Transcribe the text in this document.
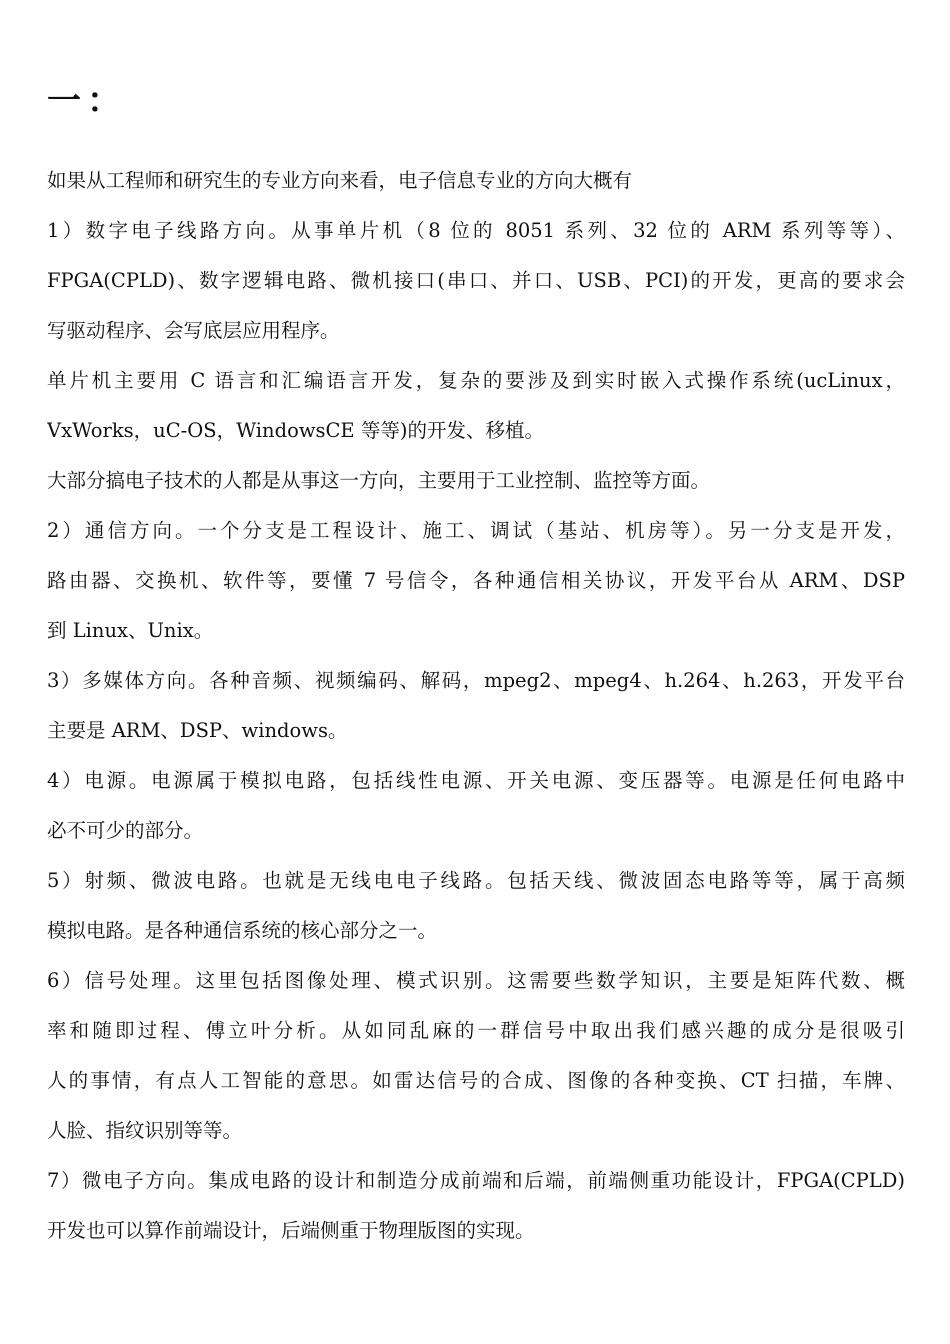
一：
如果从工程师和研究生的专业方向来看，电子信息专业的方向大概有
1）数字电子线路方向。从事单片机（8 位的 8051 系列、32 位的 ARM 系列等等）、
FPGA(CPLD)、数字逻辑电路、微机接口(串口、并口、USB、PCI)的开发，更高的要求会
写驱动程序、会写底层应用程序。
单片机主要用 C 语言和汇编语言开发，复杂的要涉及到实时嵌入式操作系统(ucLinux，
VxWorks，uC-OS，WindowsCE 等等)的开发、移植。
大部分搞电子技术的人都是从事这一方向，主要用于工业控制、监控等方面。
2）通信方向。一个分支是工程设计、施工、调试（基站、机房等）。另一分支是开发，
路由器、交换机、软件等，要懂 7 号信令，各种通信相关协议，开发平台从 ARM、DSP
到 Linux、Unix。
3）多媒体方向。各种音频、视频编码、解码，mpeg2、mpeg4、h.264、h.263，开发平台
主要是 ARM、DSP、windows。
4）电源。电源属于模拟电路，包括线性电源、开关电源、变压器等。电源是任何电路中
必不可少的部分。
5）射频、微波电路。也就是无线电电子线路。包括天线、微波固态电路等等，属于高频
模拟电路。是各种通信系统的核心部分之一。
6）信号处理。这里包括图像处理、模式识别。这需要些数学知识，主要是矩阵代数、概
率和随即过程、傅立叶分析。从如同乱麻的一群信号中取出我们感兴趣的成分是很吸引
人的事情，有点人工智能的意思。如雷达信号的合成、图像的各种变换、CT 扫描，车牌、
人脸、指纹识别等等。
7）微电子方向。集成电路的设计和制造分成前端和后端，前端侧重功能设计，FPGA(CPLD)
开发也可以算作前端设计，后端侧重于物理版图的实现。
